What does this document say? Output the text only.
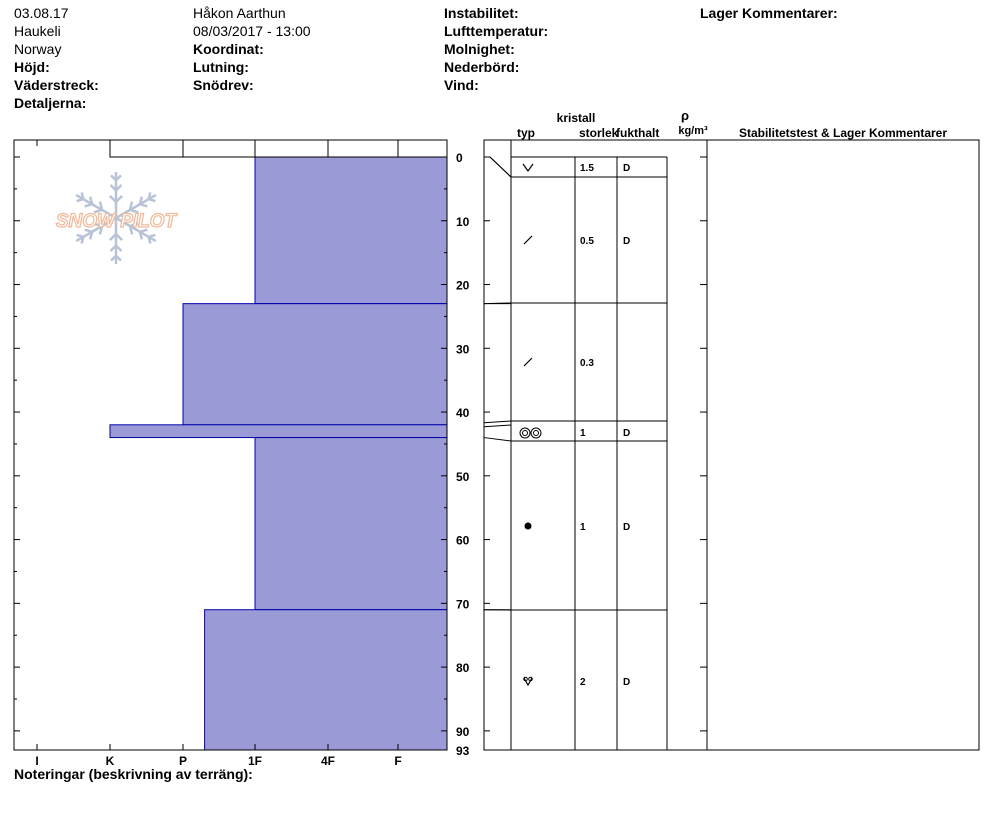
03.08.17
Haukeli
Norway
Höjd:
Väderstreck:
Detaljerna:
Håkon Aarthun
08/03/2017 - 13:00
Koordinat:
Lutning:
Snödrev:
Instabilitet:
Lufttemperatur:
Molnighet:
Nederbörd:
Vind:
Lager Kommentarer:
SNOW PILOT
I	K	P	1F	4F	F
0
10
20
30
40
50
60
70
80
90
93
1.5	D
0.5	D
0.3
1	D
1	D
2	D
kristall
typ	storlek
fukthalt
ρ
kg/m³	Stabilitetstest & Lager Kommentarer
Noteringar (beskrivning av terräng):
